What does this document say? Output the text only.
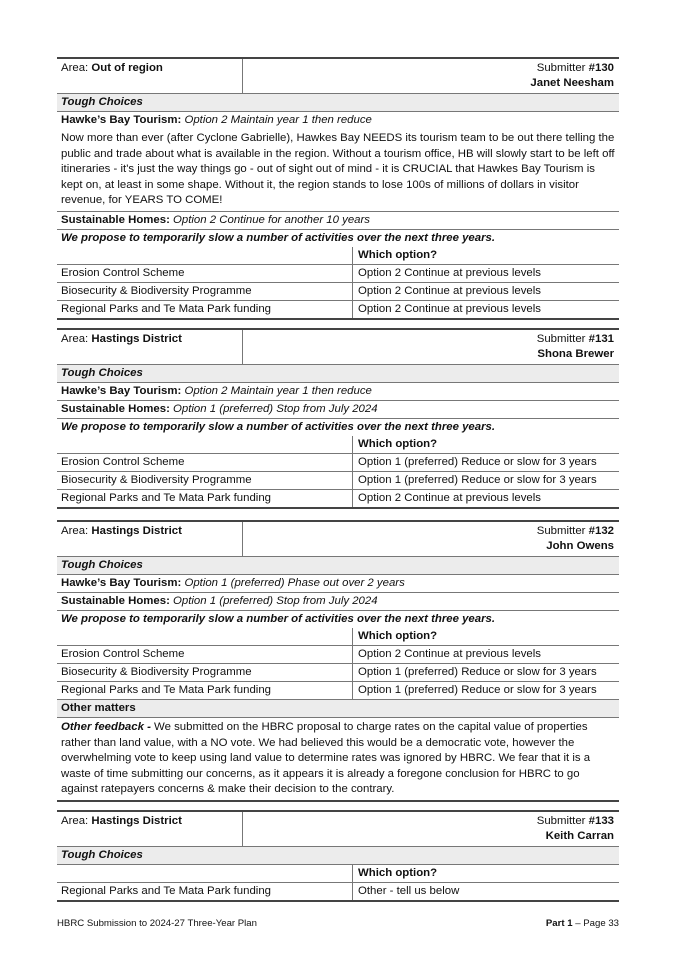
Area: Out of region	Submitter #130
Janet Neesham
Tough Choices
Hawke’s Bay Tourism: Option 2 Maintain year 1 then reduce
Now more than ever (after Cyclone Gabrielle), Hawkes Bay NEEDS its tourism team to be out there telling the public and trade about what is available in the region. Without a tourism office, HB will slowly start to be left off itineraries - it's just the way things go - out of sight out of mind - it is CRUCIAL that Hawkes Bay Tourism is kept on, at least in some shape. Without it, the region stands to lose 100s of millions of dollars in visitor revenue, for YEARS TO COME!
Sustainable Homes: Option 2 Continue for another 10 years
We propose to temporarily slow a number of activities over the next three years.
Which option?
Erosion Control Scheme	Option 2 Continue at previous levels
Biosecurity & Biodiversity Programme	Option 2 Continue at previous levels
Regional Parks and Te Mata Park funding	Option 2 Continue at previous levels
Area: Hastings District	Submitter #131
Shona Brewer
Tough Choices
Hawke’s Bay Tourism: Option 2 Maintain year 1 then reduce
Sustainable Homes: Option 1 (preferred) Stop from July 2024
We propose to temporarily slow a number of activities over the next three years.
Which option?
Erosion Control Scheme	Option 1 (preferred) Reduce or slow for 3 years
Biosecurity & Biodiversity Programme	Option 1 (preferred) Reduce or slow for 3 years
Regional Parks and Te Mata Park funding	Option 2 Continue at previous levels
Area: Hastings District	Submitter #132
John Owens
Tough Choices
Hawke’s Bay Tourism: Option 1 (preferred) Phase out over 2 years
Sustainable Homes: Option 1 (preferred) Stop from July 2024
We propose to temporarily slow a number of activities over the next three years.
Which option?
Erosion Control Scheme	Option 2 Continue at previous levels
Biosecurity & Biodiversity Programme	Option 1 (preferred) Reduce or slow for 3 years
Regional Parks and Te Mata Park funding	Option 1 (preferred) Reduce or slow for 3 years
Other matters
Other feedback - We submitted on the HBRC proposal to charge rates on the capital value of properties rather than land value, with a NO vote. We had believed this would be a democratic vote, however the overwhelming vote to keep using land value to determine rates was ignored by HBRC. We fear that it is a waste of time submitting our concerns, as it appears it is already a foregone conclusion for HBRC to go against ratepayers concerns & make their decision to the contrary.
Area: Hastings District	Submitter #133
Keith Carran
Tough Choices
Which option?
Regional Parks and Te Mata Park funding	Other - tell us below
HBRC Submission to 2024-27 Three-Year Plan	Part 1 – Page 33
